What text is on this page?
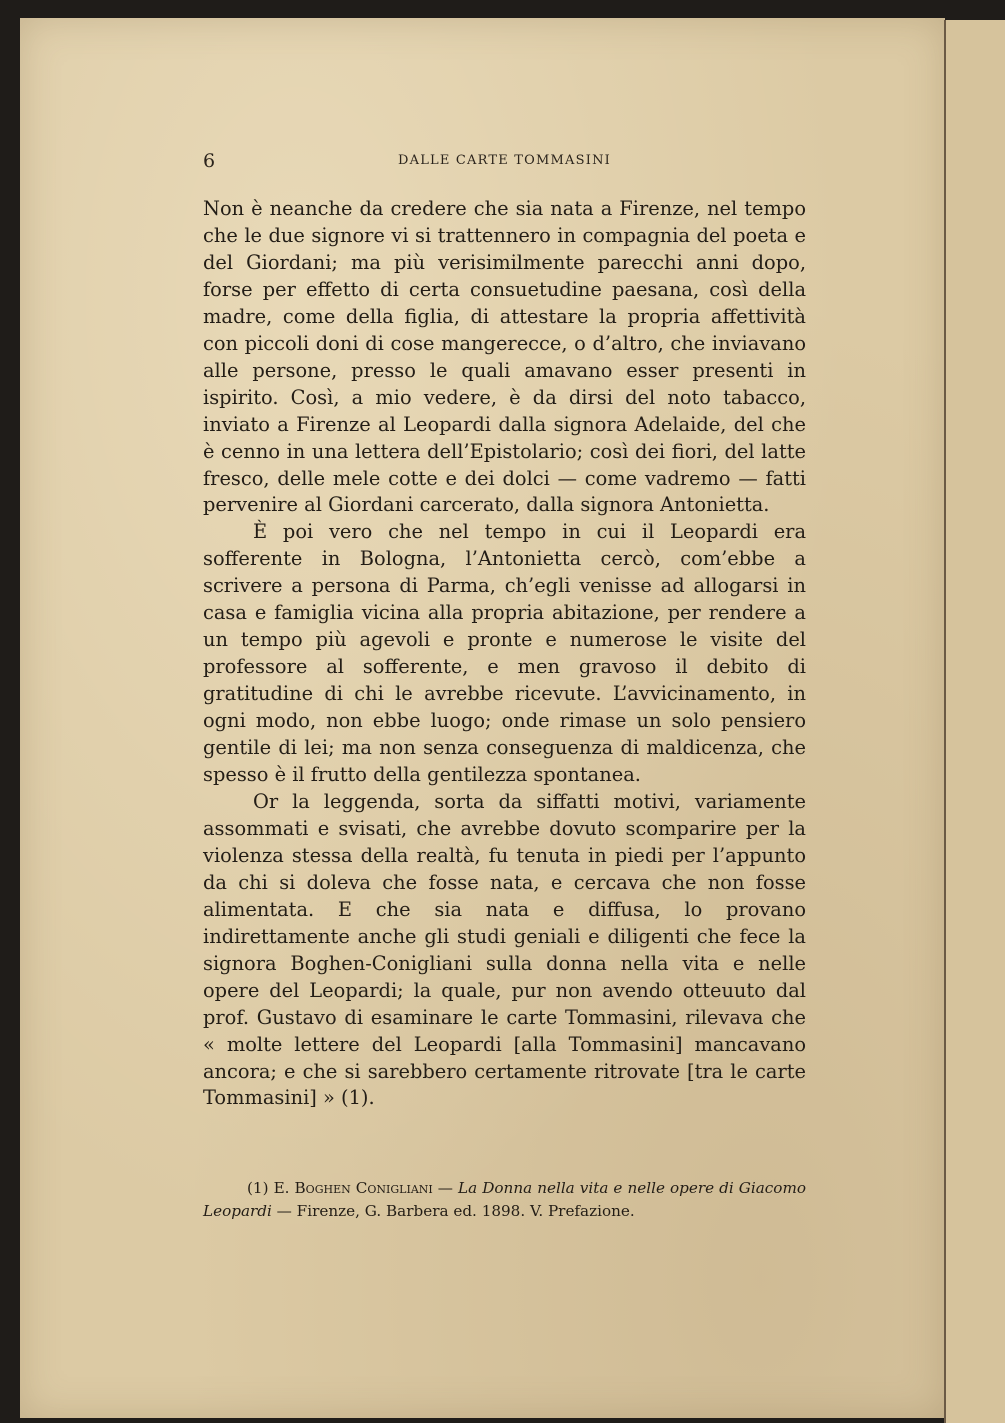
6	DALLE CARTE TOMMASINI

Non è neanche da credere che sia nata a Firenze, nel tempo che le due signore vi si trattennero in compagnia del poeta e del Giordani; ma più verisimilmente parecchi anni dopo, forse per effetto di certa consuetudine paesana, così della madre, come della figlia, di attestare la propria affettività con piccoli doni di cose mangerecce, o d’altro, che inviavano alle persone, presso le quali amavano esser presenti in ispirito. Così, a mio vedere, è da dirsi del noto tabacco, inviato a Firenze al Leopardi dalla signora Adelaide, del che è cenno in una lettera dell’Epistolario; così dei fiori, del latte fresco, delle mele cotte e dei dolci — come vadremo — fatti pervenire al Giordani carcerato, dalla signora Antonietta.

È poi vero che nel tempo in cui il Leopardi era sofferente in Bologna, l’Antonietta cercò, com’ebbe a scrivere a persona di Parma, ch’egli venisse ad allogarsi in casa e famiglia vicina alla propria abitazione, per rendere a un tempo più agevoli e pronte e numerose le visite del professore al sofferente, e men gravoso il debito di gratitudine di chi le avrebbe ricevute. L’avvicinamento, in ogni modo, non ebbe luogo; onde rimase un solo pensiero gentile di lei; ma non senza conseguenza di maldicenza, che spesso è il frutto della gentilezza spontanea.

Or la leggenda, sorta da siffatti motivi, variamente assommati e svisati, che avrebbe dovuto scomparire per la violenza stessa della realtà, fu tenuta in piedi per l’appunto da chi si doleva che fosse nata, e cercava che non fosse alimentata. E che sia nata e diffusa, lo provano indirettamente anche gli studi geniali e diligenti che fece la signora Boghen-Conigliani sulla donna nella vita e nelle opere del Leopardi; la quale, pur non avendo otteuuto dal prof. Gustavo di esaminare le carte Tommasini, rilevava che « molte lettere del Leopardi [alla Tommasini] mancavano ancora; e che si sarebbero certamente ritrovate [tra le carte Tommasini] » (1).

(1) E. Boghen Conigliani — La Donna nella vita e nelle opere di Giacomo Leopardi — Firenze, G. Barbera ed. 1898. V. Prefazione.
